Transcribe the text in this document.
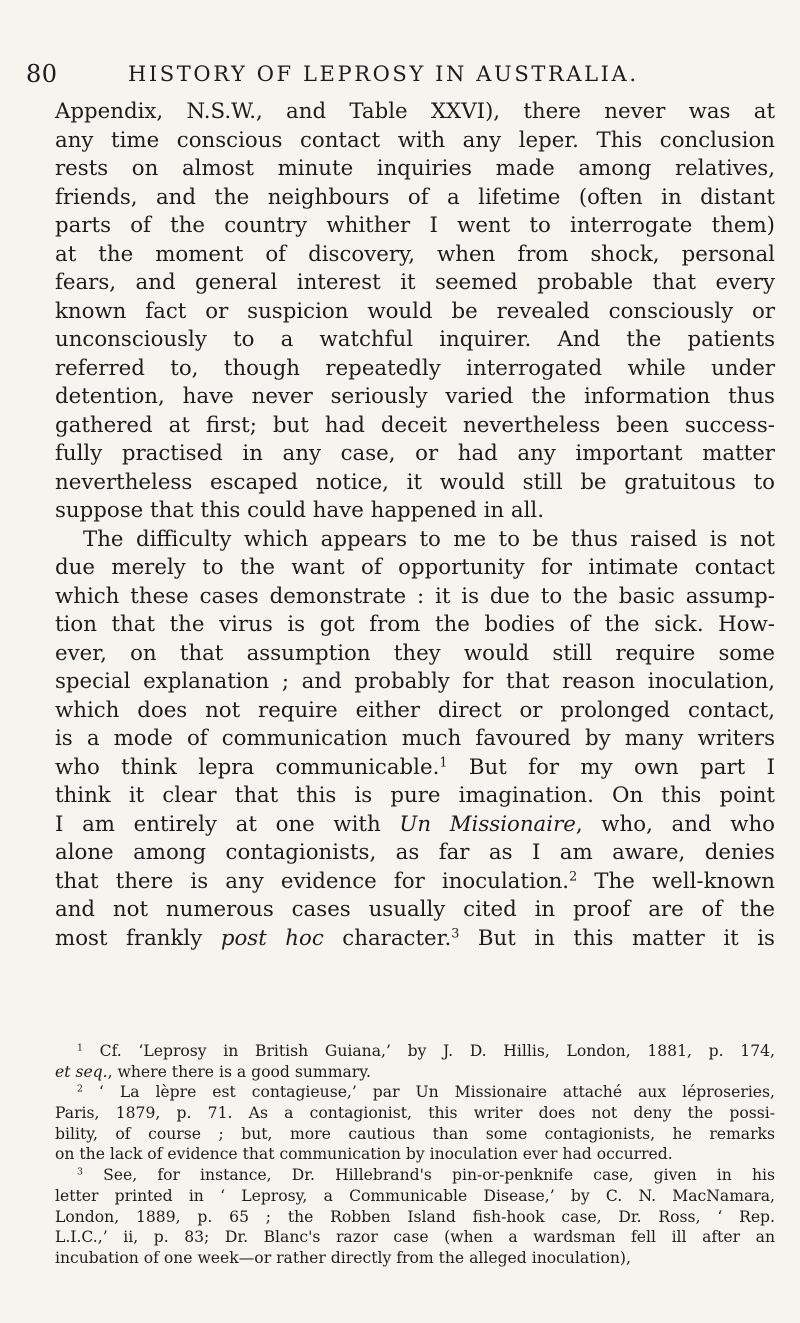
80	HISTORY OF LEPROSY IN AUSTRALIA.
Appendix, N.S.W., and Table XXVI), there never was at
any time conscious contact with any leper. This conclusion
rests on almost minute inquiries made among relatives,
friends, and the neighbours of a lifetime (often in distant
parts of the country whither I went to interrogate them)
at the moment of discovery, when from shock, personal
fears, and general interest it seemed probable that every
known fact or suspicion would be revealed consciously or
unconsciously to a watchful inquirer. And the patients
referred to, though repeatedly interrogated while under
detention, have never seriously varied the information thus
gathered at first; but had deceit nevertheless been success-
fully practised in any case, or had any important matter
nevertheless escaped notice, it would still be gratuitous to
suppose that this could have happened in all.
The difficulty which appears to me to be thus raised is not
due merely to the want of opportunity for intimate contact
which these cases demonstrate : it is due to the basic assump-
tion that the virus is got from the bodies of the sick. How-
ever, on that assumption they would still require some
special explanation ; and probably for that reason inoculation,
which does not require either direct or prolonged contact,
is a mode of communication much favoured by many writers
who think lepra communicable.$^1$ But for my own part I
think it clear that this is pure imagination. On this point
I am entirely at one with Un Missionaire, who, and who
alone among contagionists, as far as I am aware, denies
that there is any evidence for inoculation.$^2$ The well-known
and not numerous cases usually cited in proof are of the
most frankly post hoc character.$^3$ But in this matter it is
$^1$ Cf. ‘Leprosy in British Guiana,’ by J. D. Hillis, London, 1881, p. 174,
et seq., where there is a good summary.
$^2$ ‘ La lèpre est contagieuse,’ par Un Missionaire attaché aux léproseries,
Paris, 1879, p. 71. As a contagionist, this writer does not deny the possi-
bility, of course ; but, more cautious than some contagionists, he remarks
on the lack of evidence that communication by inoculation ever had occurred.
$^3$ See, for instance, Dr. Hillebrand's pin-or-penknife case, given in his
letter printed in ‘ Leprosy, a Communicable Disease,’ by C. N. MacNamara,
London, 1889, p. 65 ; the Robben Island fish-hook case, Dr. Ross, ‘ Rep.
L.I.C.,’ ii, p. 83; Dr. Blanc's razor case (when a wardsman fell ill after an
incubation of one week—or rather directly from the alleged inoculation),
